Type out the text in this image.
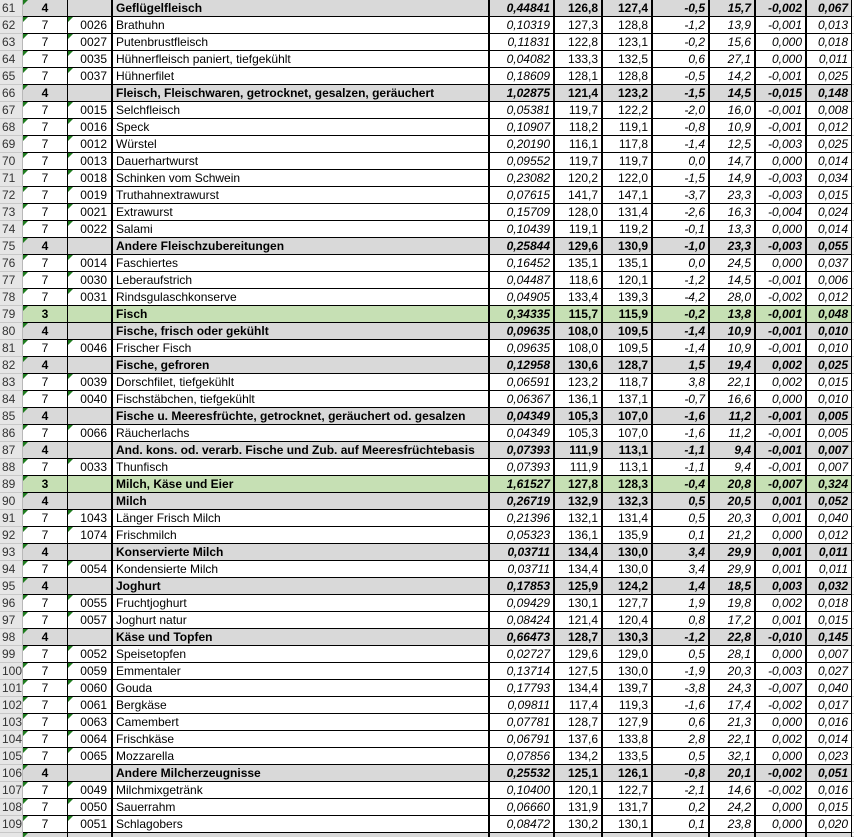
61	4	Geflügelfleisch	0,44841	126,8	127,4	-0,5	15,7	-0,002	0,067
62	7	0026 Brathuhn	0,10319	127,3	128,8	-1,2	13,9	-0,001	0,013
63	7	0027 Putenbrustfleisch	0,11831	122,8	123,1	-0,2	15,6	0,000	0,018
64	7	0035 Hühnerfleisch paniert, tiefgekühlt	0,04082	133,3	132,5	0,6	27,1	0,000	0,011
65	7	0037 Hühnerfilet	0,18609	128,1	128,8	-0,5	14,2	-0,001	0,025
66	4	Fleisch, Fleischwaren, getrocknet, gesalzen, geräuchert	1,02875	121,4	123,2	-1,5	14,5	-0,015	0,148
67	7	0015 Selchfleisch	0,05381	119,7	122,2	-2,0	16,0	-0,001	0,008
68	7	0016 Speck	0,10907	118,2	119,1	-0,8	10,9	-0,001	0,012
69	7	0012 Würstel	0,20190	116,1	117,8	-1,4	12,5	-0,003	0,025
70	7	0013 Dauerhartwurst	0,09552	119,7	119,7	0,0	14,7	0,000	0,014
71	7	0018 Schinken vom Schwein	0,23082	120,2	122,0	-1,5	14,9	-0,003	0,034
72	7	0019 Truthahnextrawurst	0,07615	141,7	147,1	-3,7	23,3	-0,003	0,015
73	7	0021 Extrawurst	0,15709	128,0	131,4	-2,6	16,3	-0,004	0,024
74	7	0022 Salami	0,10439	119,1	119,2	-0,1	13,3	0,000	0,014
75	4	Andere Fleischzubereitungen	0,25844	129,6	130,9	-1,0	23,3	-0,003	0,055
76	7	0014 Faschiertes	0,16452	135,1	135,1	0,0	24,5	0,000	0,037
77	7	0030 Leberaufstrich	0,04487	118,6	120,1	-1,2	14,5	-0,001	0,006
78	7	0031 Rindsgulaschkonserve	0,04905	133,4	139,3	-4,2	28,0	-0,002	0,012
79	3	Fisch	0,34335	115,7	115,9	-0,2	13,8	-0,001	0,048
80	4	Fische, frisch oder gekühlt	0,09635	108,0	109,5	-1,4	10,9	-0,001	0,010
81	7	0046 Frischer Fisch	0,09635	108,0	109,5	-1,4	10,9	-0,001	0,010
82	4	Fische, gefroren	0,12958	130,6	128,7	1,5	19,4	0,002	0,025
83	7	0039 Dorschfilet, tiefgekühlt	0,06591	123,2	118,7	3,8	22,1	0,002	0,015
84	7	0040 Fischstäbchen, tiefgekühlt	0,06367	136,1	137,1	-0,7	16,6	0,000	0,010
85	4	Fische u. Meeresfrüchte, getrocknet, geräuchert od. gesalzen	0,04349	105,3	107,0	-1,6	11,2	-0,001	0,005
86	7	0066 Räucherlachs	0,04349	105,3	107,0	-1,6	11,2	-0,001	0,005
87	4	And. kons. od. verarb. Fische und Zub. auf Meeresfrüchtebasis	0,07393	111,9	113,1	-1,1	9,4	-0,001	0,007
88	7	0033 Thunfisch	0,07393	111,9	113,1	-1,1	9,4	-0,001	0,007
89	3	Milch, Käse und Eier	1,61527	127,8	128,3	-0,4	20,8	-0,007	0,324
90	4	Milch	0,26719	132,9	132,3	0,5	20,5	0,001	0,052
91	7	1043 Länger Frisch Milch	0,21396	132,1	131,4	0,5	20,3	0,001	0,040
92	7	1074 Frischmilch	0,05323	136,1	135,9	0,1	21,2	0,000	0,012
93	4	Konservierte Milch	0,03711	134,4	130,0	3,4	29,9	0,001	0,011
94	7	0054 Kondensierte Milch	0,03711	134,4	130,0	3,4	29,9	0,001	0,011
95	4	Joghurt	0,17853	125,9	124,2	1,4	18,5	0,003	0,032
96	7	0055 Fruchtjoghurt	0,09429	130,1	127,7	1,9	19,8	0,002	0,018
97	7	0057 Joghurt natur	0,08424	121,4	120,4	0,8	17,2	0,001	0,015
98	4	Käse und Topfen	0,66473	128,7	130,3	-1,2	22,8	-0,010	0,145
99	7	0052 Speisetopfen	0,02727	129,6	129,0	0,5	28,1	0,000	0,007
100	7	0059 Emmentaler	0,13714	127,5	130,0	-1,9	20,3	-0,003	0,027
101	7	0060 Gouda	0,17793	134,4	139,7	-3,8	24,3	-0,007	0,040
102	7	0061 Bergkäse	0,09811	117,4	119,3	-1,6	17,4	-0,002	0,017
103	7	0063 Camembert	0,07781	128,7	127,9	0,6	21,3	0,000	0,016
104	7	0064 Frischkäse	0,06791	137,6	133,8	2,8	22,1	0,002	0,014
105	7	0065 Mozzarella	0,07856	134,2	133,5	0,5	32,1	0,000	0,023
106	4	Andere Milcherzeugnisse	0,25532	125,1	126,1	-0,8	20,1	-0,002	0,051
107	7	0049 Milchmixgetränk	0,10400	120,1	122,7	-2,1	14,6	-0,002	0,016
108	7	0050 Sauerrahm	0,06660	131,9	131,7	0,2	24,2	0,000	0,015
109	7	0051 Schlagobers	0,08472	130,2	130,1	0,1	23,8	0,000	0,020
